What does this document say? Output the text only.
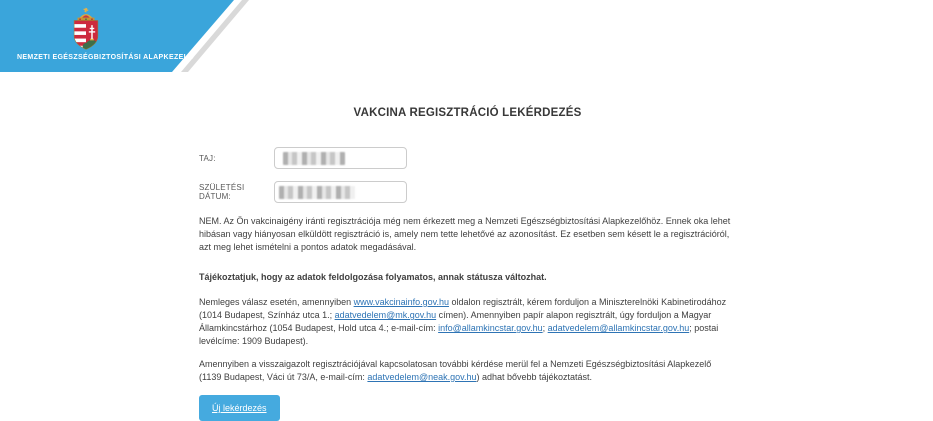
NEMZETI EGÉSZSÉGBIZTOSÍTÁSI ALAPKEZELŐ
VAKCINA REGISZTRÁCIÓ LEKÉRDEZÉS
TAJ:
SZÜLETÉSI DÁTUM:

NEM. Az Ön vakcinaigény iránti regisztrációja még nem érkezett meg a Nemzeti Egészségbiztosítási Alapkezelőhöz. Ennek oka lehet hibásan vagy hiányosan elküldött regisztráció is, amely nem tette lehetővé az azonosítást. Ez esetben sem késett le a regisztrációról, azt meg lehet ismételni a pontos adatok megadásával.

Tájékoztatjuk, hogy az adatok feldolgozása folyamatos, annak státusza változhat.

Nemleges válasz esetén, amennyiben www.vakcinainfo.gov.hu oldalon regisztrált, kérem forduljon a Miniszterelnöki Kabinetirodához (1014 Budapest, Színház utca 1.; adatvedelem@mk.gov.hu címen). Amennyiben papír alapon regisztrált, úgy forduljon a Magyar Államkincstárhoz (1054 Budapest, Hold utca 4.; e-mail-cím: info@allamkincstar.gov.hu; adatvedelem@allamkincstar.gov.hu; postai levélcíme: 1909 Budapest).

Amennyiben a visszaigazolt regisztrációjával kapcsolatosan további kérdése merül fel a Nemzeti Egészségbiztosítási Alapkezelő (1139 Budapest, Váci út 73/A, e-mail-cím: adatvedelem@neak.gov.hu) adhat bővebb tájékoztatást.

Új lekérdezés
